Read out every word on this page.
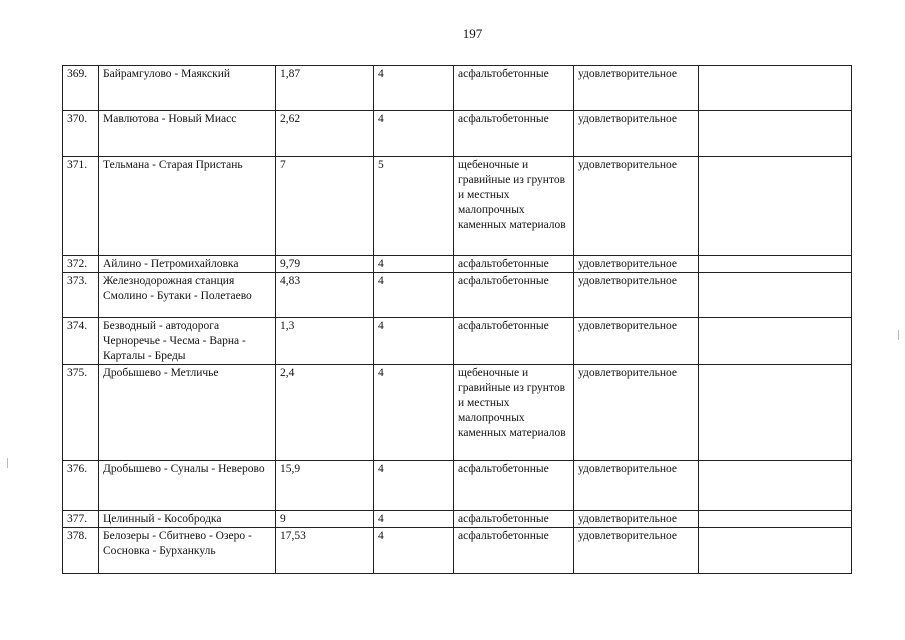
197
369.	Байрамгулово - Маякский	1,87	4	асфальтобетонные	удовлетворительное	
370.	Мавлютова - Новый Миасс	2,62	4	асфальтобетонные	удовлетворительное	
371.	Тельмана - Старая Пристань	7	5	щебеночные и гравийные из грунтов и местных малопрочных каменных материалов	удовлетворительное	
372.	Айлино - Петромихайловка	9,79	4	асфальтобетонные	удовлетворительное	
373.	Железнодорожная станция Смолино - Бутаки - Полетаево	4,83	4	асфальтобетонные	удовлетворительное	
374.	Безводный - автодорога Черноречье - Чесма - Варна - Карталы - Бреды	1,3	4	асфальтобетонные	удовлетворительное	
375.	Дробышево - Метличье	2,4	4	щебеночные и гравийные из грунтов и местных малопрочных каменных материалов	удовлетворительное	
376.	Дробышево - Суналы - Неверово	15,9	4	асфальтобетонные	удовлетворительное	
377.	Целинный - Кособродка	9	4	асфальтобетонные	удовлетворительное	
378.	Белозеры - Сбитнево - Озеро - Сосновка - Бурханкуль	17,53	4	асфальтобетонные	удовлетворительное	
